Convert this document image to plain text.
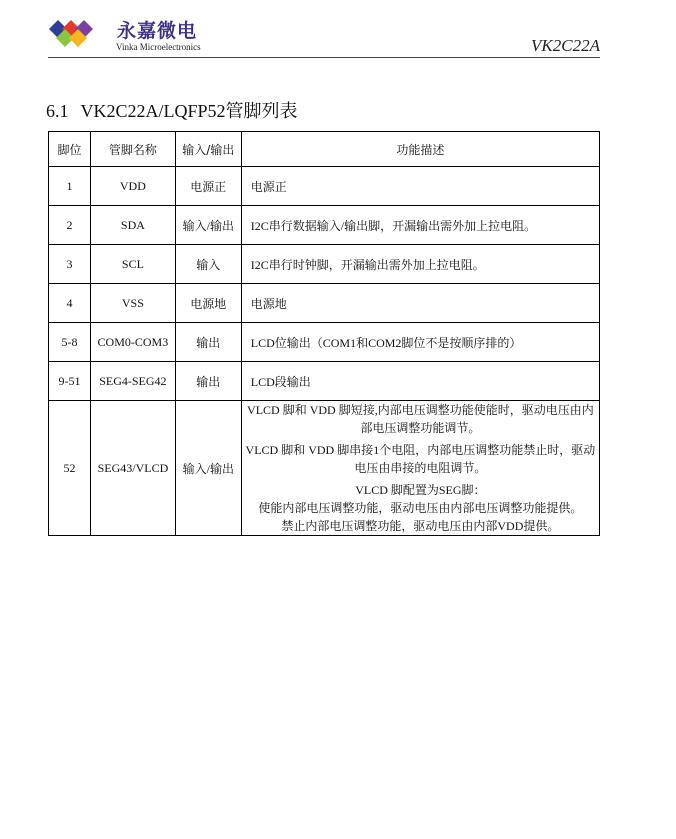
永嘉微电
Vinka Microelectronics	VK2C22A
6.1 VK2C22A/LQFP52管脚列表
脚位	管脚名称	输入/输出	功能描述
1	VDD	电源正	电源正
2	SDA	输入/输出	I2C串行数据输入/输出脚，开漏输出需外加上拉电阻。
3	SCL	输入	I2C串行时钟脚，开漏输出需外加上拉电阻。
4	VSS	电源地	电源地
5-8	COM0-COM3	输出	LCD位输出（COM1和COM2脚位不是按顺序排的）
9-51	SEG4-SEG42	输出	LCD段输出
52	SEG43/VLCD	输入/输出	VLCD 脚和 VDD 脚短接,内部电压调整功能使能时，驱动电压由内部电压调整功能调节。
VLCD 脚和 VDD 脚串接1个电阻，内部电压调整功能禁止时，驱动电压由串接的电阻调节。
VLCD 脚配置为SEG脚：
使能内部电压调整功能，驱动电压由内部电压调整功能提供。
禁止内部电压调整功能，驱动电压由内部VDD提供。
